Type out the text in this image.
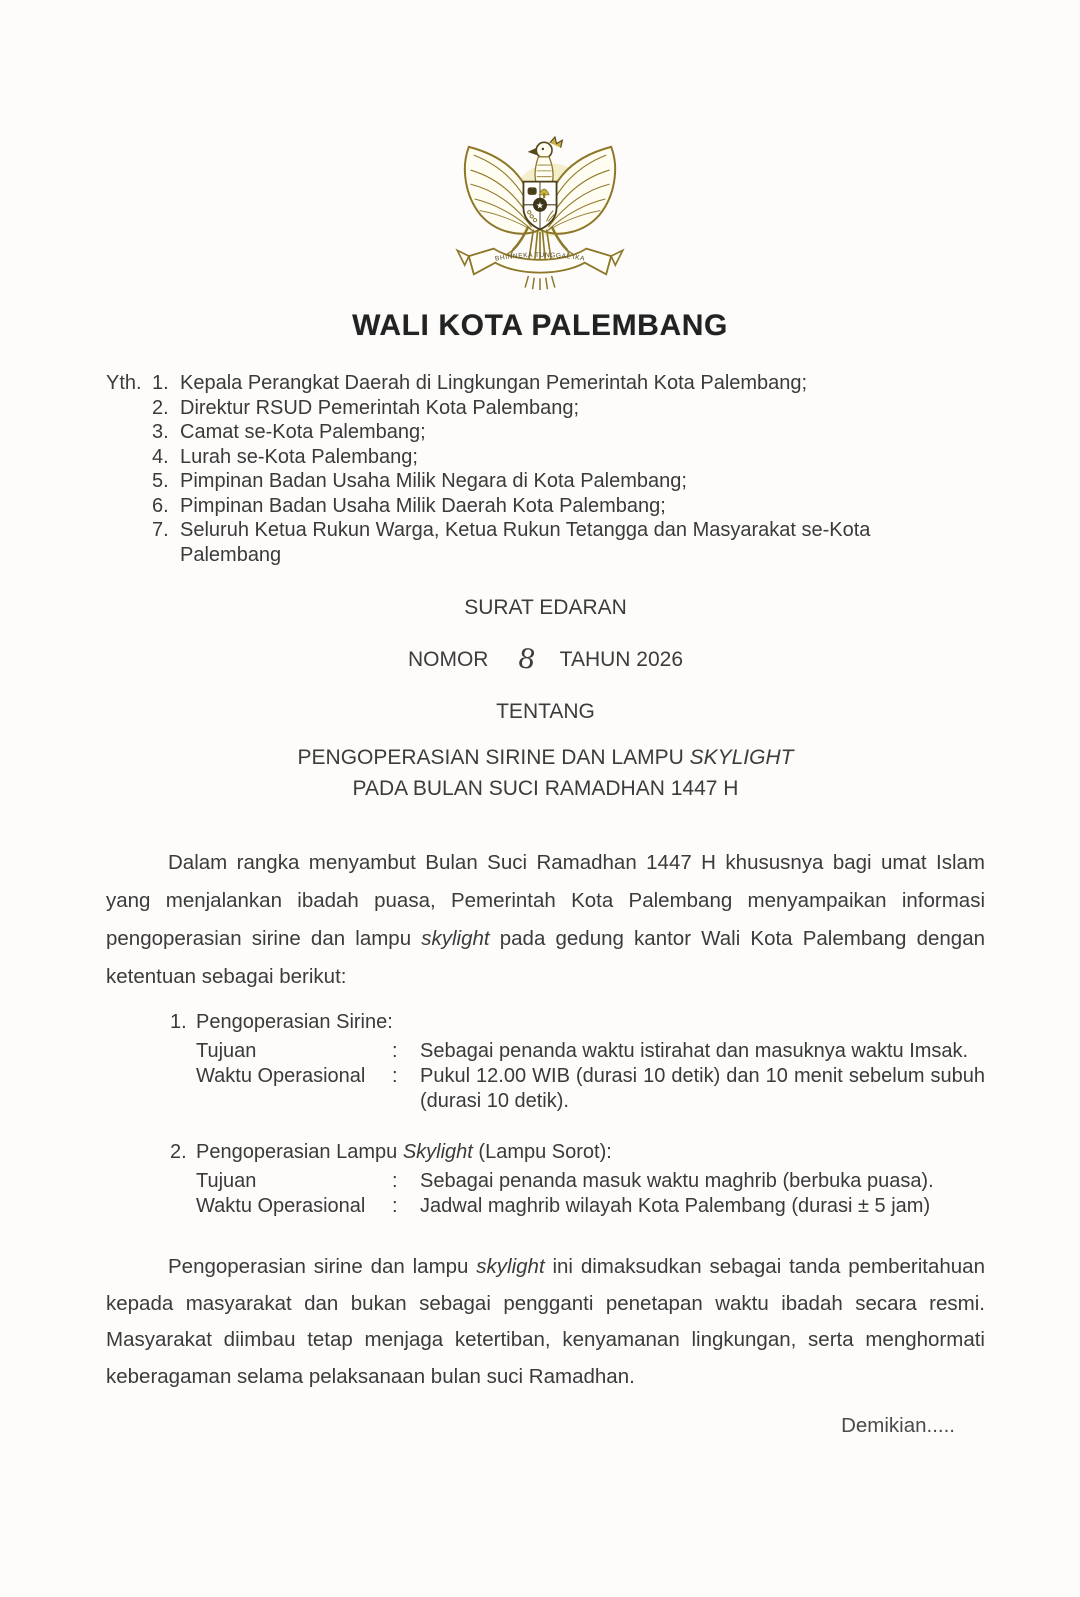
★
BHINNEKA TUNGGAL IKA
WALI KOTA PALEMBANG
Yth. 1. Kepala Perangkat Daerah di Lingkungan Pemerintah Kota Palembang;
2. Direktur RSUD Pemerintah Kota Palembang;
3. Camat se-Kota Palembang;
4. Lurah se-Kota Palembang;
5. Pimpinan Badan Usaha Milik Negara di Kota Palembang;
6. Pimpinan Badan Usaha Milik Daerah Kota Palembang;
7. Seluruh Ketua Rukun Warga, Ketua Rukun Tetangga dan Masyarakat se-Kota Palembang

SURAT EDARAN

NOMOR 8 TAHUN 2026

TENTANG

PENGOPERASIAN SIRINE DAN LAMPU SKYLIGHT

PADA BULAN SUCI RAMADHAN 1447 H

Dalam rangka menyambut Bulan Suci Ramadhan 1447 H khususnya bagi umat Islam yang menjalankan ibadah puasa, Pemerintah Kota Palembang menyampaikan informasi pengoperasian sirine dan lampu skylight pada gedung kantor Wali Kota Palembang dengan ketentuan sebagai berikut:

1. Pengoperasian Sirine:
Tujuan	:	Sebagai penanda waktu istirahat dan masuknya waktu Imsak.
Waktu Operasional	:	Pukul 12.00 WIB (durasi 10 detik) dan 10 menit sebelum subuh (durasi 10 detik).
2. Pengoperasian Lampu Skylight (Lampu Sorot):
Tujuan	:	Sebagai penanda masuk waktu maghrib (berbuka puasa).
Waktu Operasional	:	Jadwal maghrib wilayah Kota Palembang (durasi ± 5 jam)

Pengoperasian sirine dan lampu skylight ini dimaksudkan sebagai tanda pemberitahuan kepada masyarakat dan bukan sebagai pengganti penetapan waktu ibadah secara resmi. Masyarakat diimbau tetap menjaga ketertiban, kenyamanan lingkungan, serta menghormati keberagaman selama pelaksanaan bulan suci Ramadhan.

Demikian.....
